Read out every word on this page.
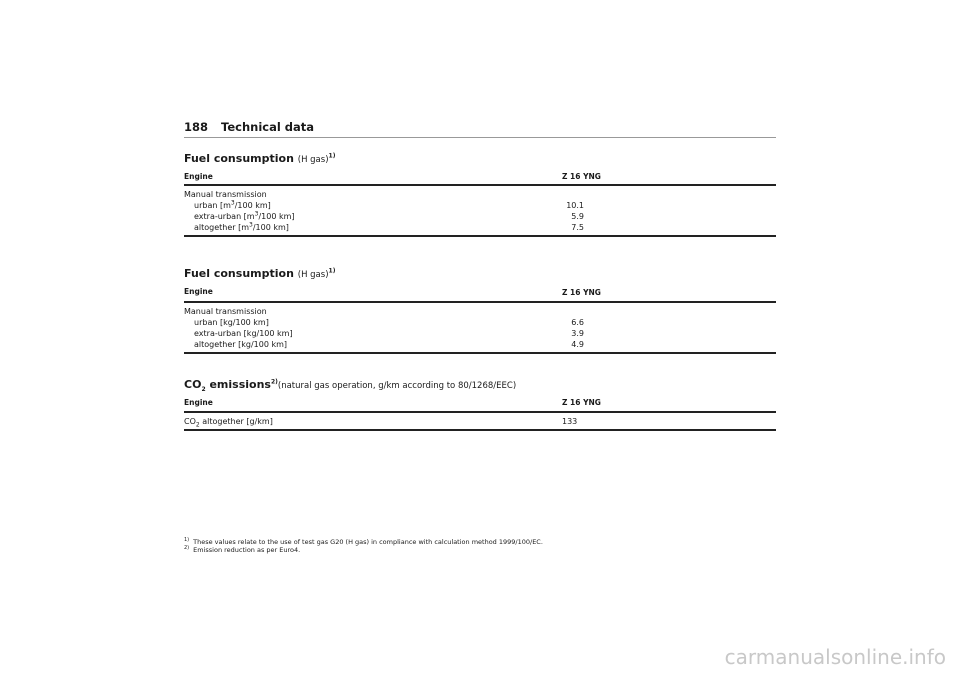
188 Technical data
Fuel consumption (H gas)$^{1)}$
Engine	Z 16 YNG
Manual transmission
urban [$m^3/100$ km]	10.1
extra-urban [$m^3/100$ km]	5.9
altogether [$m^3/100$ km]	7.5
Fuel consumption (H gas)$^{1)}$
Engine	Z 16 YNG
Manual transmission
urban [kg/100 km]	6.6
extra-urban [kg/100 km]	3.9
altogether [kg/100 km]	4.9
$CO_2$ emissions$^{2)}$(natural gas operation, g/km according to 80/1268/EEC)
Engine	Z 16 YNG
$CO_2$ altogether [g/km]	133
$^{1)}$ These values relate to the use of test gas G20 (H gas) in compliance with calculation method 1999/100/EC.
$^{2)}$ Emission reduction as per Euro4.
carmanualsonline.info
